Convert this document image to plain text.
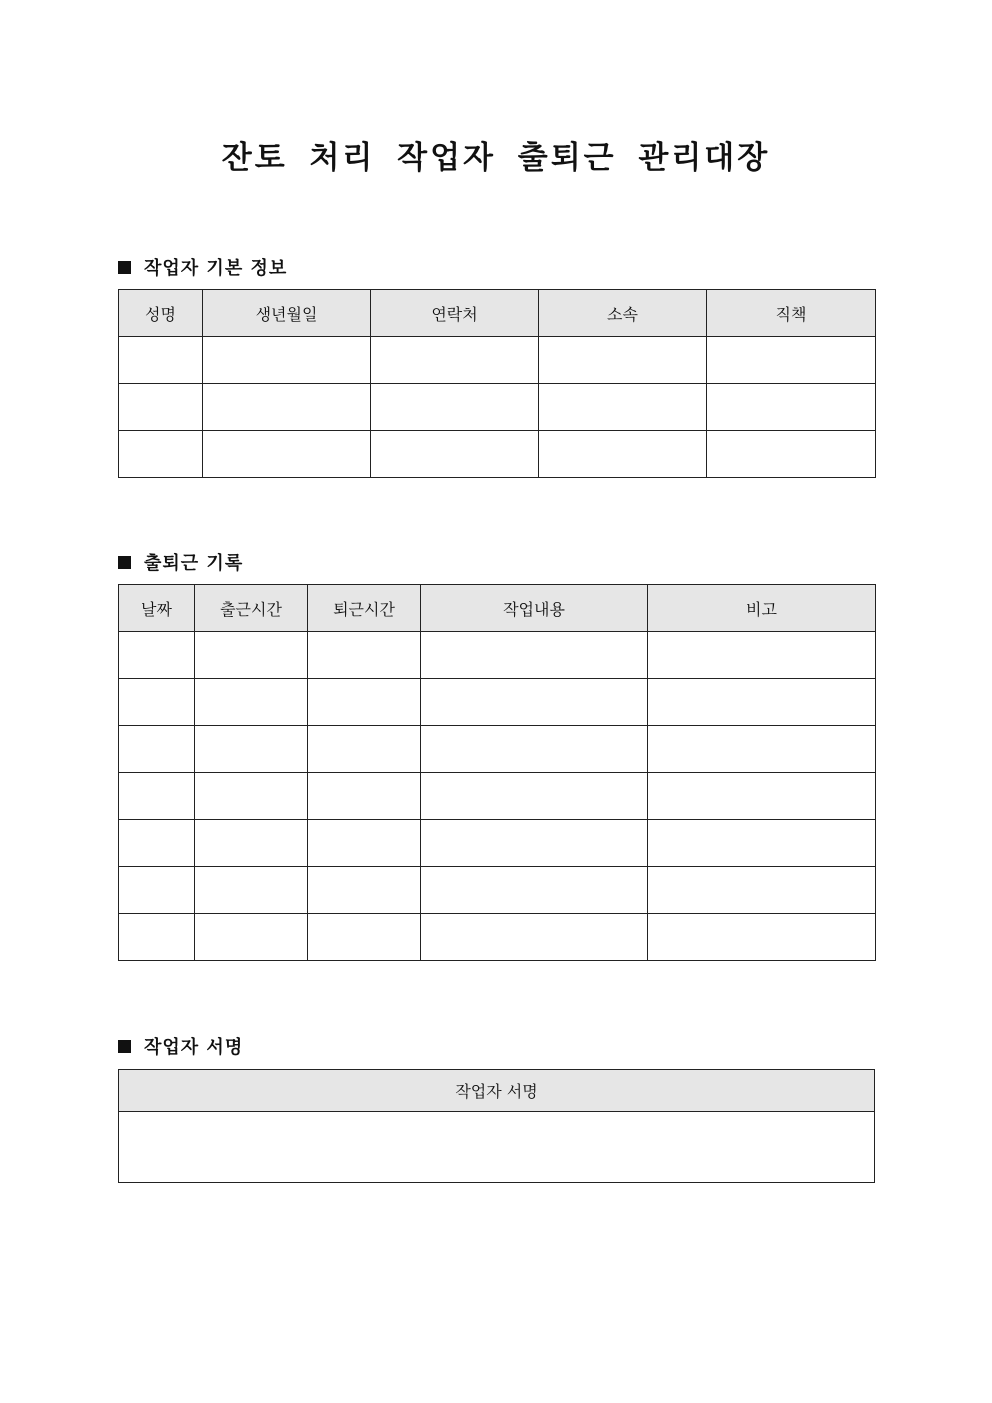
잔토 처리 작업자 출퇴근 관리대장
작업자 기본 정보
성명	생년월일	연락처	소속	직책

출퇴근 기록
날짜	출근시간	퇴근시간	작업내용	비고

작업자 서명
작업자 서명
